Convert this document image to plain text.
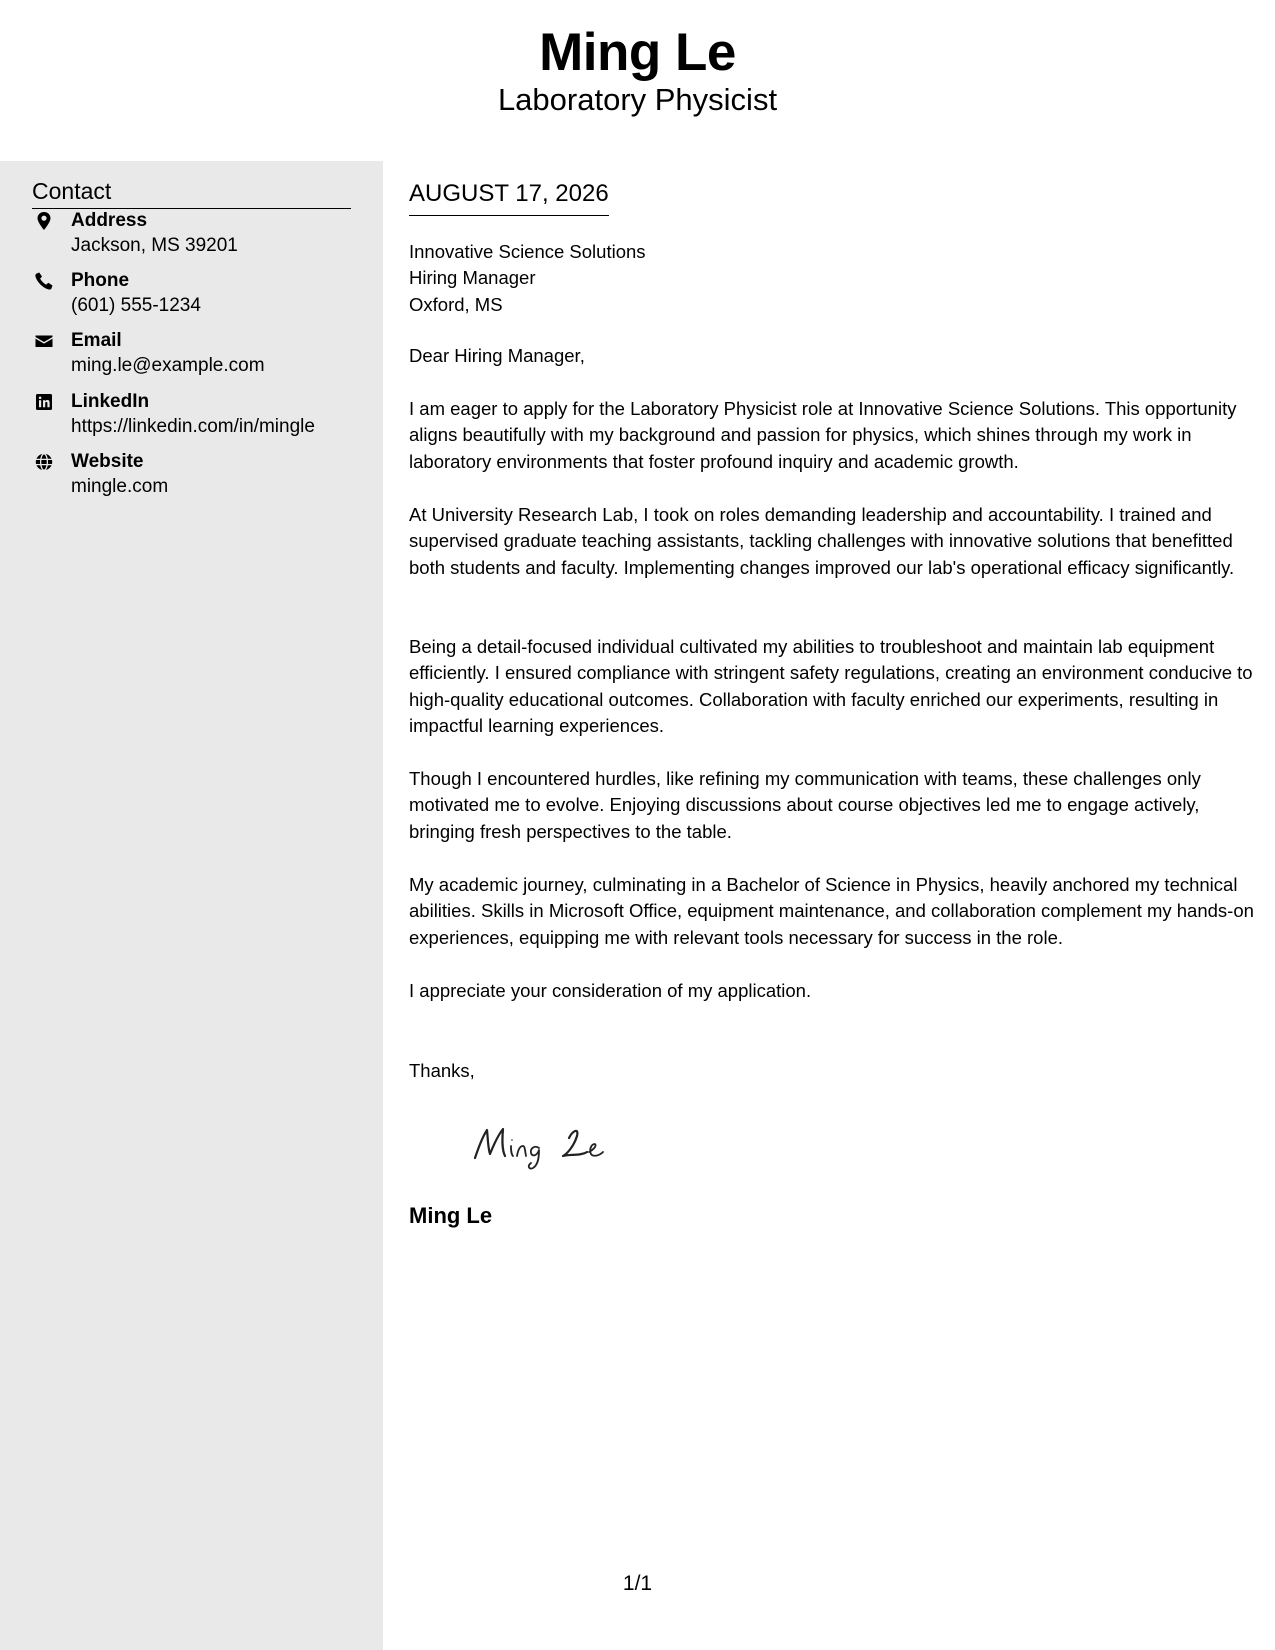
Ming Le
Laboratory Physicist
Contact
Address
Jackson, MS 39201
Phone
(601) 555-1234
Email
ming.le@example.com
LinkedIn
https://linkedin.com/in/mingle
Website
mingle.com
AUGUST 17, 2026
Innovative Science Solutions
Hiring Manager
Oxford, MS
Dear Hiring Manager,
I am eager to apply for the Laboratory Physicist role at Innovative Science Solutions. This opportunity aligns beautifully with my background and passion for physics, which shines through my work in laboratory environments that foster profound inquiry and academic growth.
At University Research Lab, I took on roles demanding leadership and accountability. I trained and supervised graduate teaching assistants, tackling challenges with innovative solutions that benefitted both students and faculty. Implementing changes improved our lab's operational efficacy significantly.
Being a detail-focused individual cultivated my abilities to troubleshoot and maintain lab equipment efficiently. I ensured compliance with stringent safety regulations, creating an environment conducive to high-quality educational outcomes. Collaboration with faculty enriched our experiments, resulting in impactful learning experiences.
Though I encountered hurdles, like refining my communication with teams, these challenges only motivated me to evolve. Enjoying discussions about course objectives led me to engage actively, bringing fresh perspectives to the table.
My academic journey, culminating in a Bachelor of Science in Physics, heavily anchored my technical abilities. Skills in Microsoft Office, equipment maintenance, and collaboration complement my hands-on experiences, equipping me with relevant tools necessary for success in the role.
I appreciate your consideration of my application.
Thanks,
Ming Le
1/1
